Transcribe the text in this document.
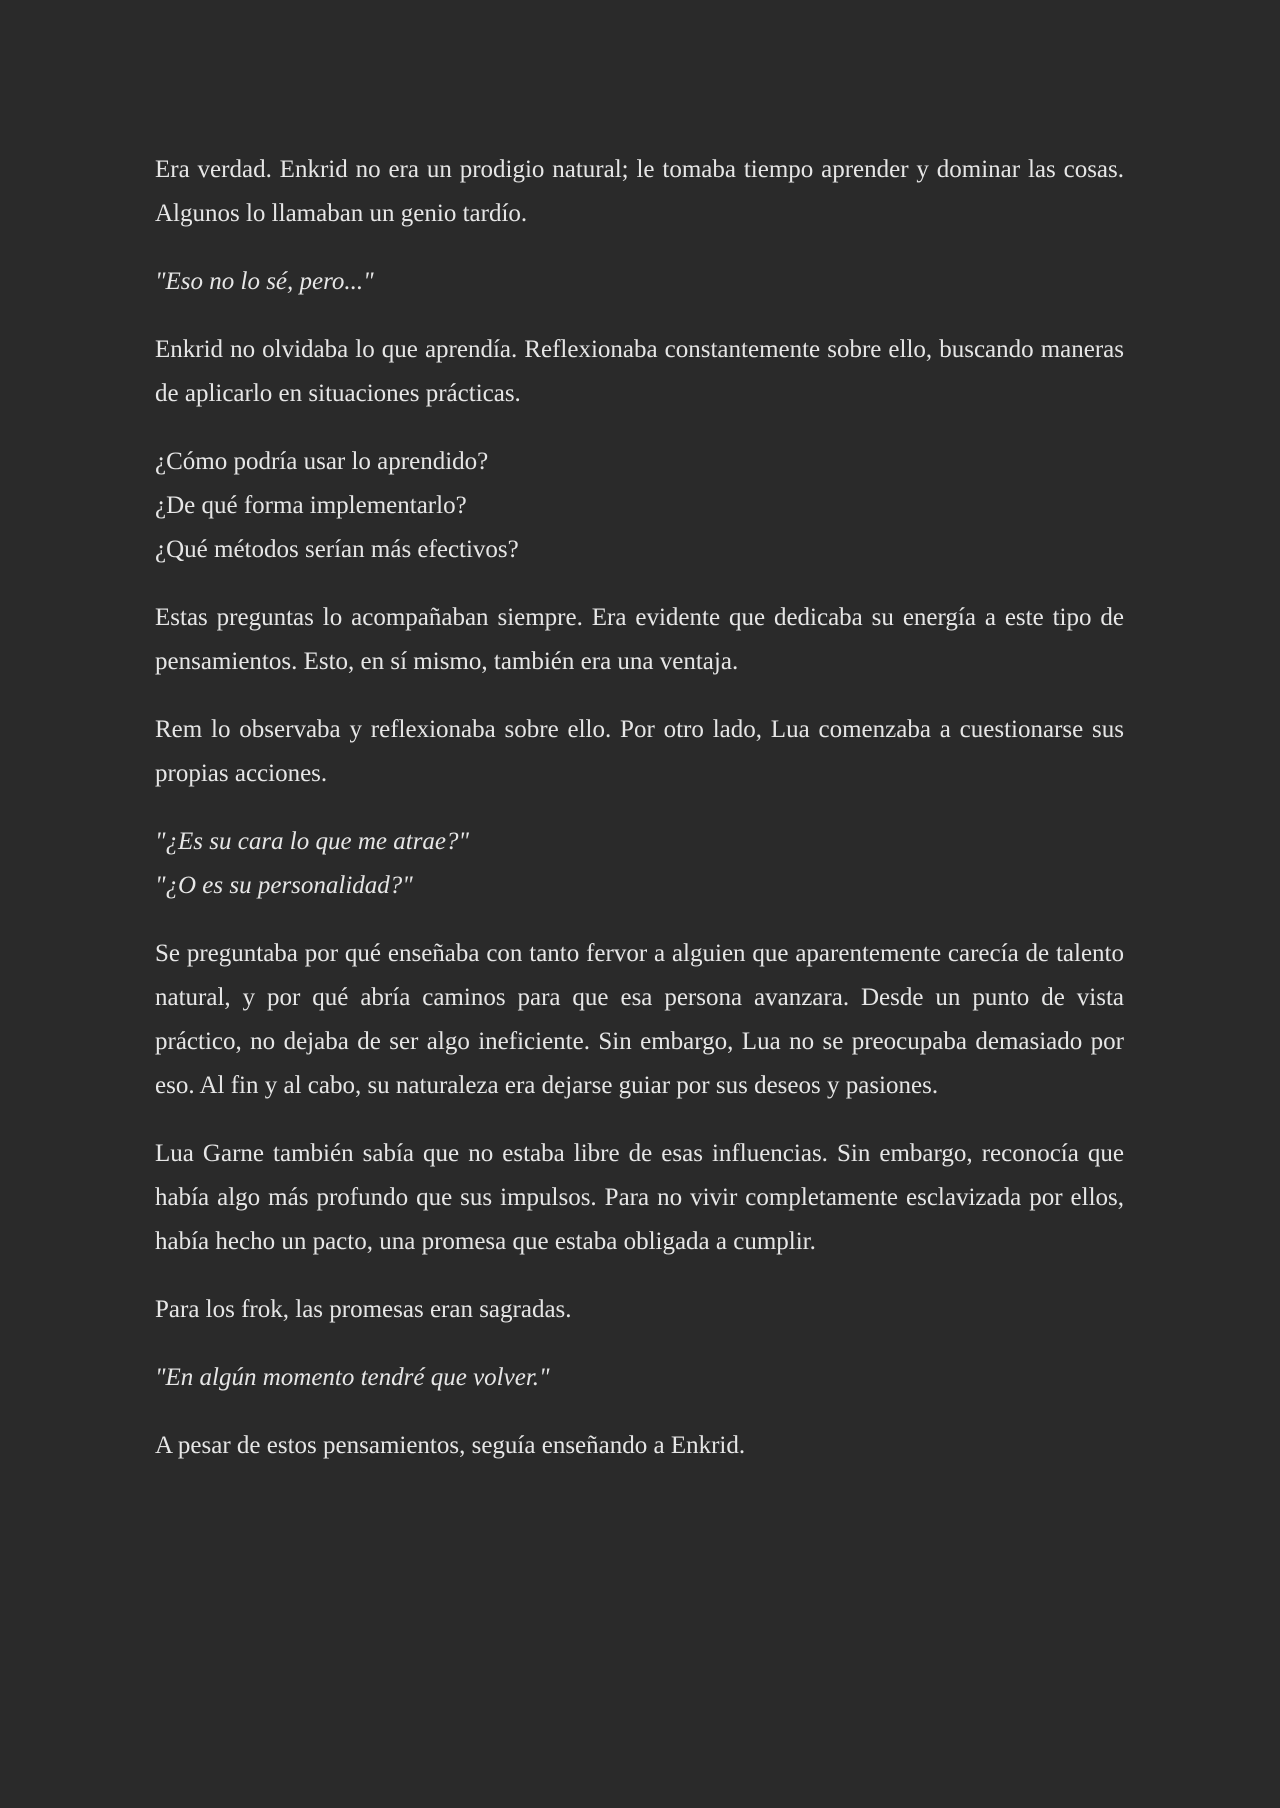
Era verdad. Enkrid no era un prodigio natural; le tomaba tiempo aprender y dominar las cosas. Algunos lo llamaban un genio tardío.

"Eso no lo sé, pero..."

Enkrid no olvidaba lo que aprendía. Reflexionaba constantemente sobre ello, buscando maneras de aplicarlo en situaciones prácticas.

¿Cómo podría usar lo aprendido?
¿De qué forma implementarlo?
¿Qué métodos serían más efectivos?

Estas preguntas lo acompañaban siempre. Era evidente que dedicaba su energía a este tipo de pensamientos. Esto, en sí mismo, también era una ventaja.

Rem lo observaba y reflexionaba sobre ello. Por otro lado, Lua comenzaba a cuestionarse sus propias acciones.

"¿Es su cara lo que me atrae?"
"¿O es su personalidad?"

Se preguntaba por qué enseñaba con tanto fervor a alguien que aparentemente carecía de talento natural, y por qué abría caminos para que esa persona avanzara. Desde un punto de vista práctico, no dejaba de ser algo ineficiente. Sin embargo, Lua no se preocupaba demasiado por eso. Al fin y al cabo, su naturaleza era dejarse guiar por sus deseos y pasiones.

Lua Garne también sabía que no estaba libre de esas influencias. Sin embargo, reconocía que había algo más profundo que sus impulsos. Para no vivir completamente esclavizada por ellos, había hecho un pacto, una promesa que estaba obligada a cumplir.

Para los frok, las promesas eran sagradas.

"En algún momento tendré que volver."

A pesar de estos pensamientos, seguía enseñando a Enkrid.
